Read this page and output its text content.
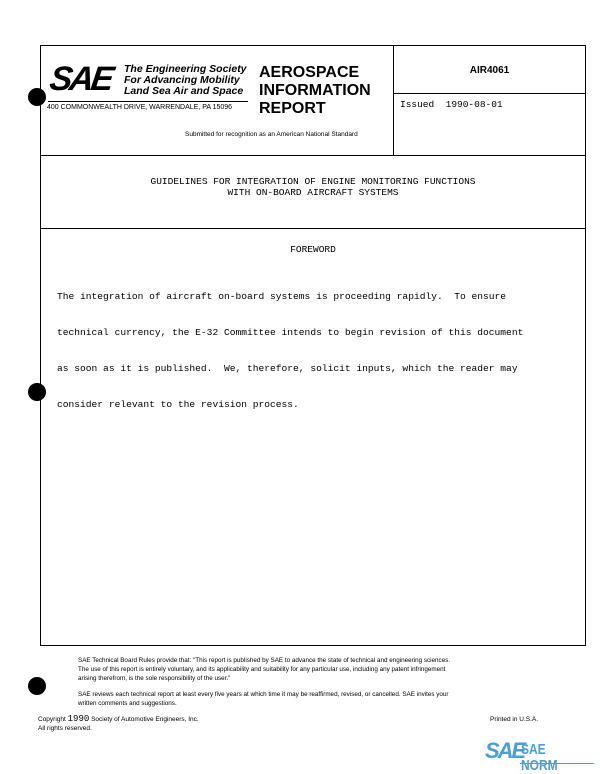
SAE The Engineering Society
For Advancing Mobility
Land Sea Air and Space
400 COMMONWEALTH DRIVE, WARRENDALE, PA 15096
AEROSPACE
INFORMATION
REPORT
Submitted for recognition as an American National Standard
AIR4061
Issued 1990-08-01
GUIDELINES FOR INTEGRATION OF ENGINE MONITORING FUNCTIONS
WITH ON-BOARD AIRCRAFT SYSTEMS
FOREWORD

The integration of aircraft on-board systems is proceeding rapidly.  To ensure

technical currency, the E-32 Committee intends to begin revision of this document

as soon as it is published.  We, therefore, solicit inputs, which the reader may

consider relevant to the revision process.

SAE Technical Board Rules provide that: "This report is published by SAE to advance the state of technical and engineering sciences.
The use of this report is entirely voluntary, and its applicability and suitability for any particular use, including any patent infringement
arising therefrom, is the sole responsibility of the user."
SAE reviews each technical report at least every five years at which time it may be reaffirmed, revised, or cancelled. SAE invites your
written comments and suggestions.
Copyright 1990 Society of Automotive Engineers, Inc.
All rights reserved.
Printed in U.S.A.
SAE
SAE NORM
